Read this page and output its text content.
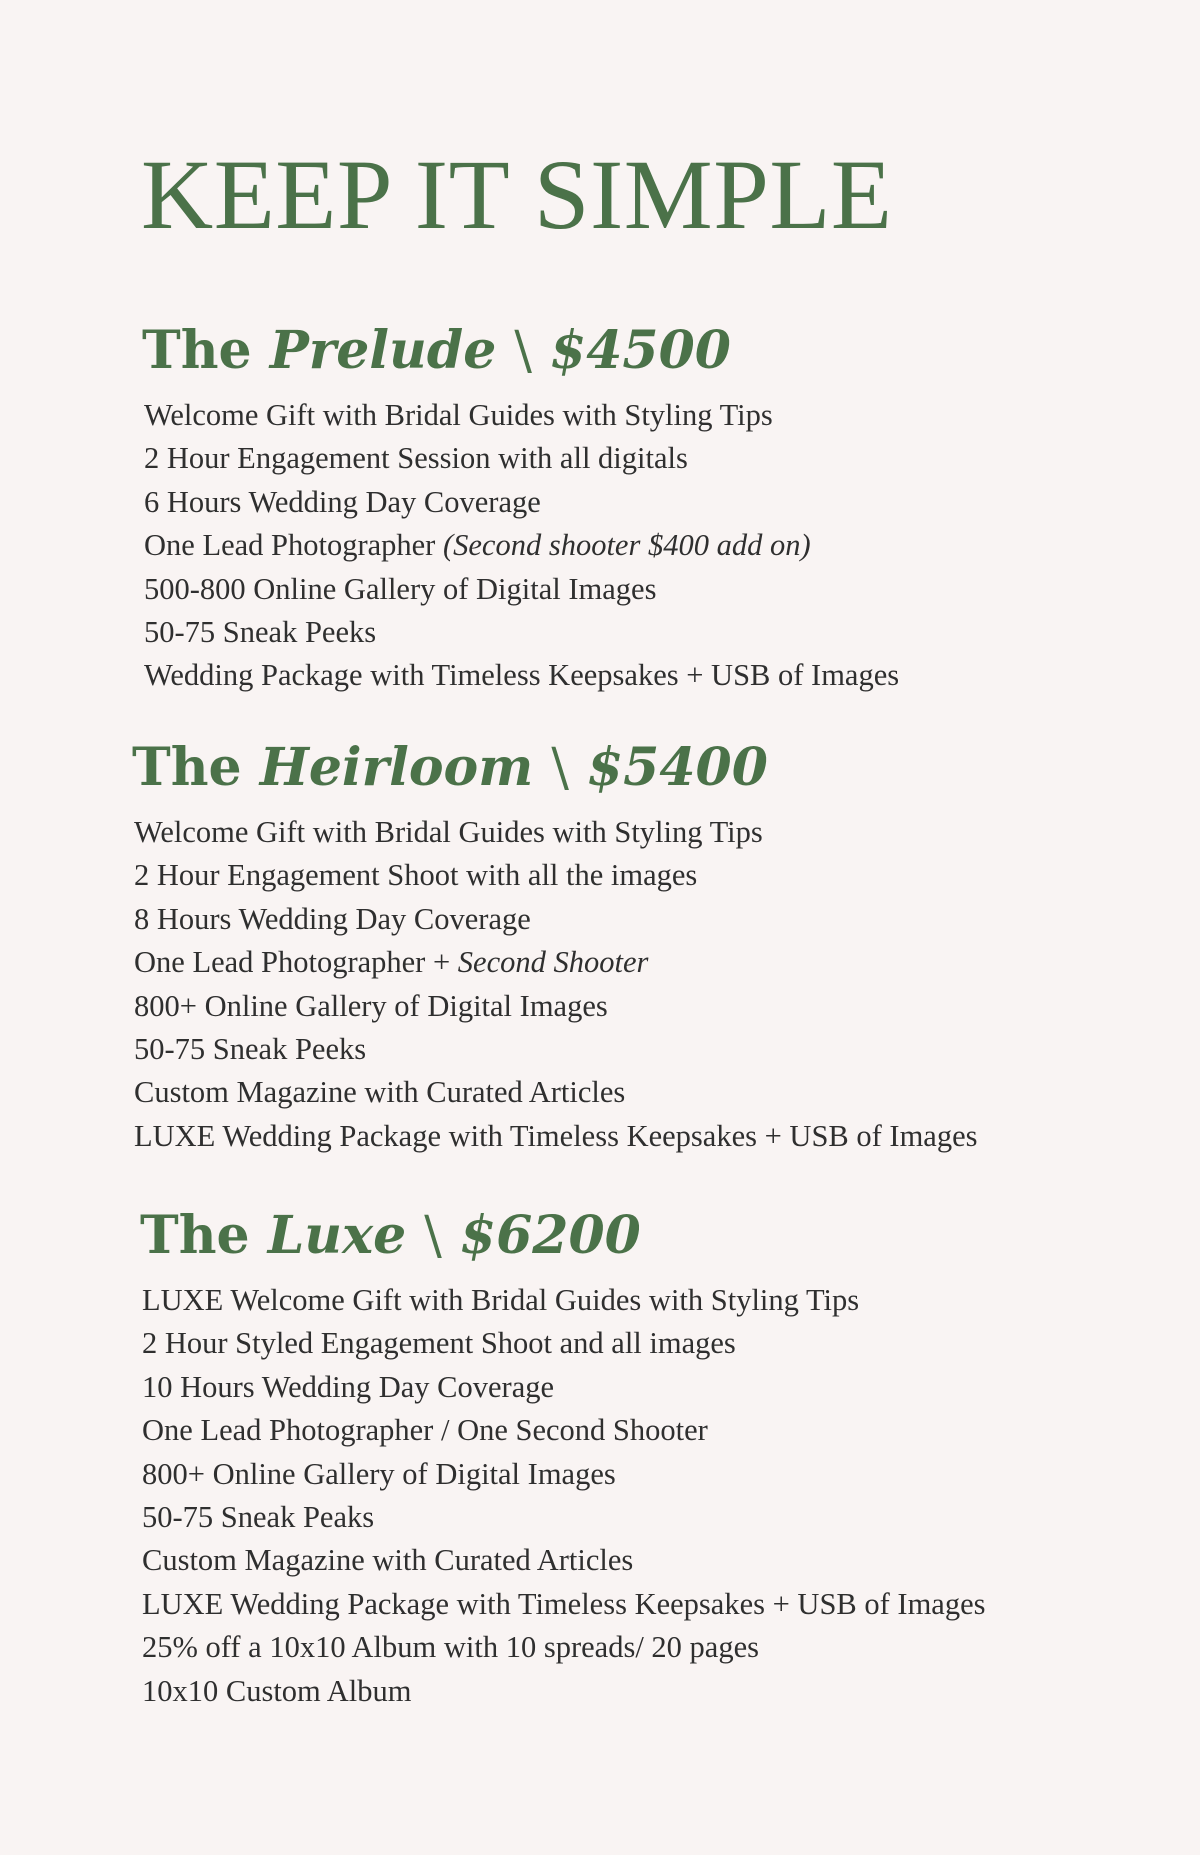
KEEP IT SIMPLE
The Prelude \ $4500
Welcome Gift with Bridal Guides with Styling Tips
2 Hour Engagement Session with all digitals
6 Hours Wedding Day Coverage
One Lead Photographer (Second shooter $400 add on)
500-800 Online Gallery of Digital Images
50-75 Sneak Peeks
Wedding Package with Timeless Keepsakes + USB of Images
The Heirloom \ $5400
Welcome Gift with Bridal Guides with Styling Tips
2 Hour Engagement Shoot with all the images
8 Hours Wedding Day Coverage
One Lead Photographer + Second Shooter
800+ Online Gallery of Digital Images
50-75 Sneak Peeks
Custom Magazine with Curated Articles
LUXE Wedding Package with Timeless Keepsakes + USB of Images
The Luxe \ $6200
LUXE Welcome Gift with Bridal Guides with Styling Tips
2 Hour Styled Engagement Shoot and all images
10 Hours Wedding Day Coverage
One Lead Photographer / One Second Shooter
800+ Online Gallery of Digital Images
50-75 Sneak Peaks
Custom Magazine with Curated Articles
LUXE Wedding Package with Timeless Keepsakes + USB of Images
25% off a 10x10 Album with 10 spreads/ 20 pages
10x10 Custom Album
